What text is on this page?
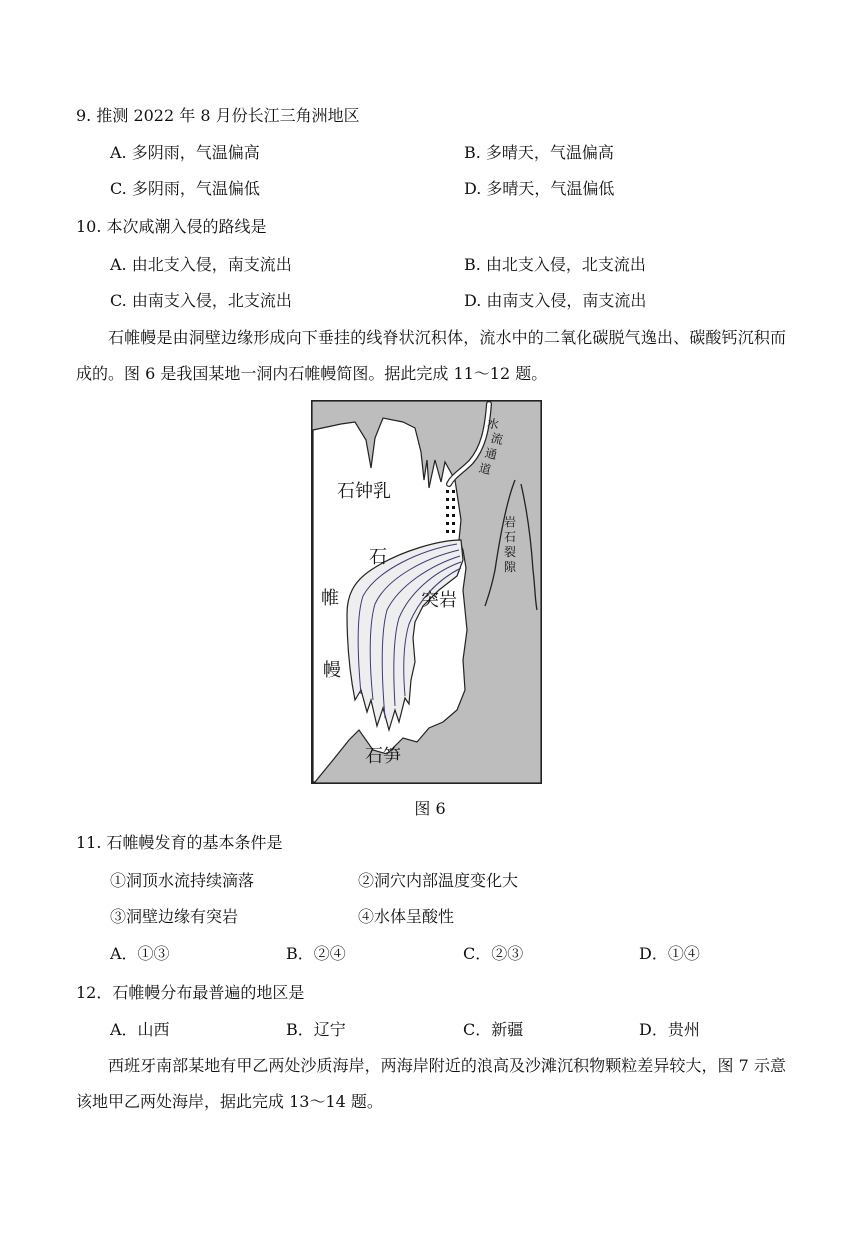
9. 推测 2022 年 8 月份长江三角洲地区
A. 多阴雨，气温偏高	B. 多晴天，气温偏高
C. 多阴雨，气温偏低	D. 多晴天，气温偏低
10. 本次咸潮入侵的路线是
A. 由北支入侵，南支流出	B. 由北支入侵，北支流出
C. 由南支入侵，北支流出	D. 由南支入侵，南支流出
石帷幔是由洞壁边缘形成向下垂挂的线脊状沉积体，流水中的二氧化碳脱气逸出、碳酸钙沉积而成的。图 6 是我国某地一洞内石帷幔简图。据此完成 11～12 题。
石钟乳
石
帷
幔
突岩
石笋
水
流
通
道
岩
石
裂
隙
图 6
11. 石帷幔发育的基本条件是
①洞顶水流持续滴落	②洞穴内部温度变化大
③洞壁边缘有突岩	④水体呈酸性
A．①③	B．②④	C．②③	D．①④
12．石帷幔分布最普遍的地区是
A．山西	B．辽宁	C．新疆	D．贵州
西班牙南部某地有甲乙两处沙质海岸，两海岸附近的浪高及沙滩沉积物颗粒差异较大，图 7 示意该地甲乙两处海岸，据此完成 13～14 题。
